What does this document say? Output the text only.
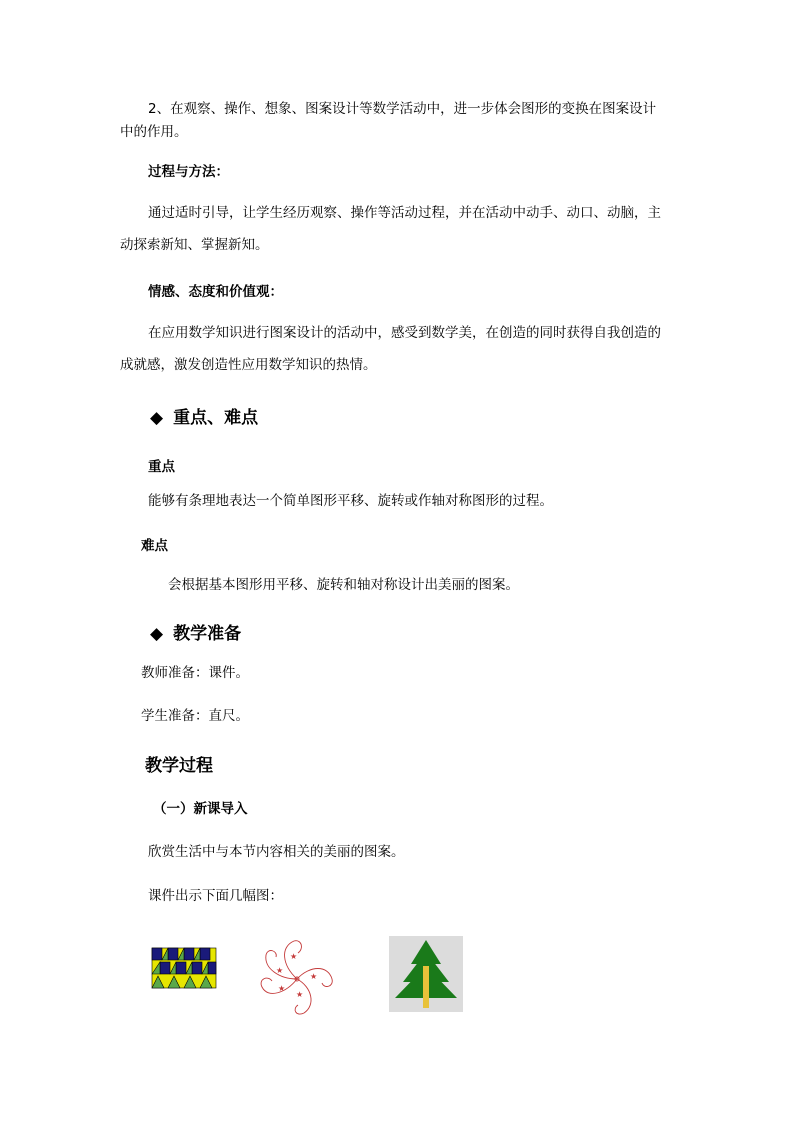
2、在观察、操作、想象、图案设计等数学活动中，进一步体会图形的变换在图案设计
中的作用。
过程与方法：
通过适时引导，让学生经历观察、操作等活动过程，并在活动中动手、动口、动脑，主
动探索新知、掌握新知。
情感、态度和价值观：
在应用数学知识进行图案设计的活动中，感受到数学美，在创造的同时获得自我创造的
成就感，激发创造性应用数学知识的热情。
◆ 重点、难点
重点
能够有条理地表达一个简单图形平移、旋转或作轴对称图形的过程。
难点
会根据基本图形用平移、旋转和轴对称设计出美丽的图案。
◆ 教学准备
教师准备：课件。
学生准备：直尺。
教学过程
（一）新课导入
欣赏生活中与本节内容相关的美丽的图案。
课件出示下面几幅图：
★
★
★
★
★
